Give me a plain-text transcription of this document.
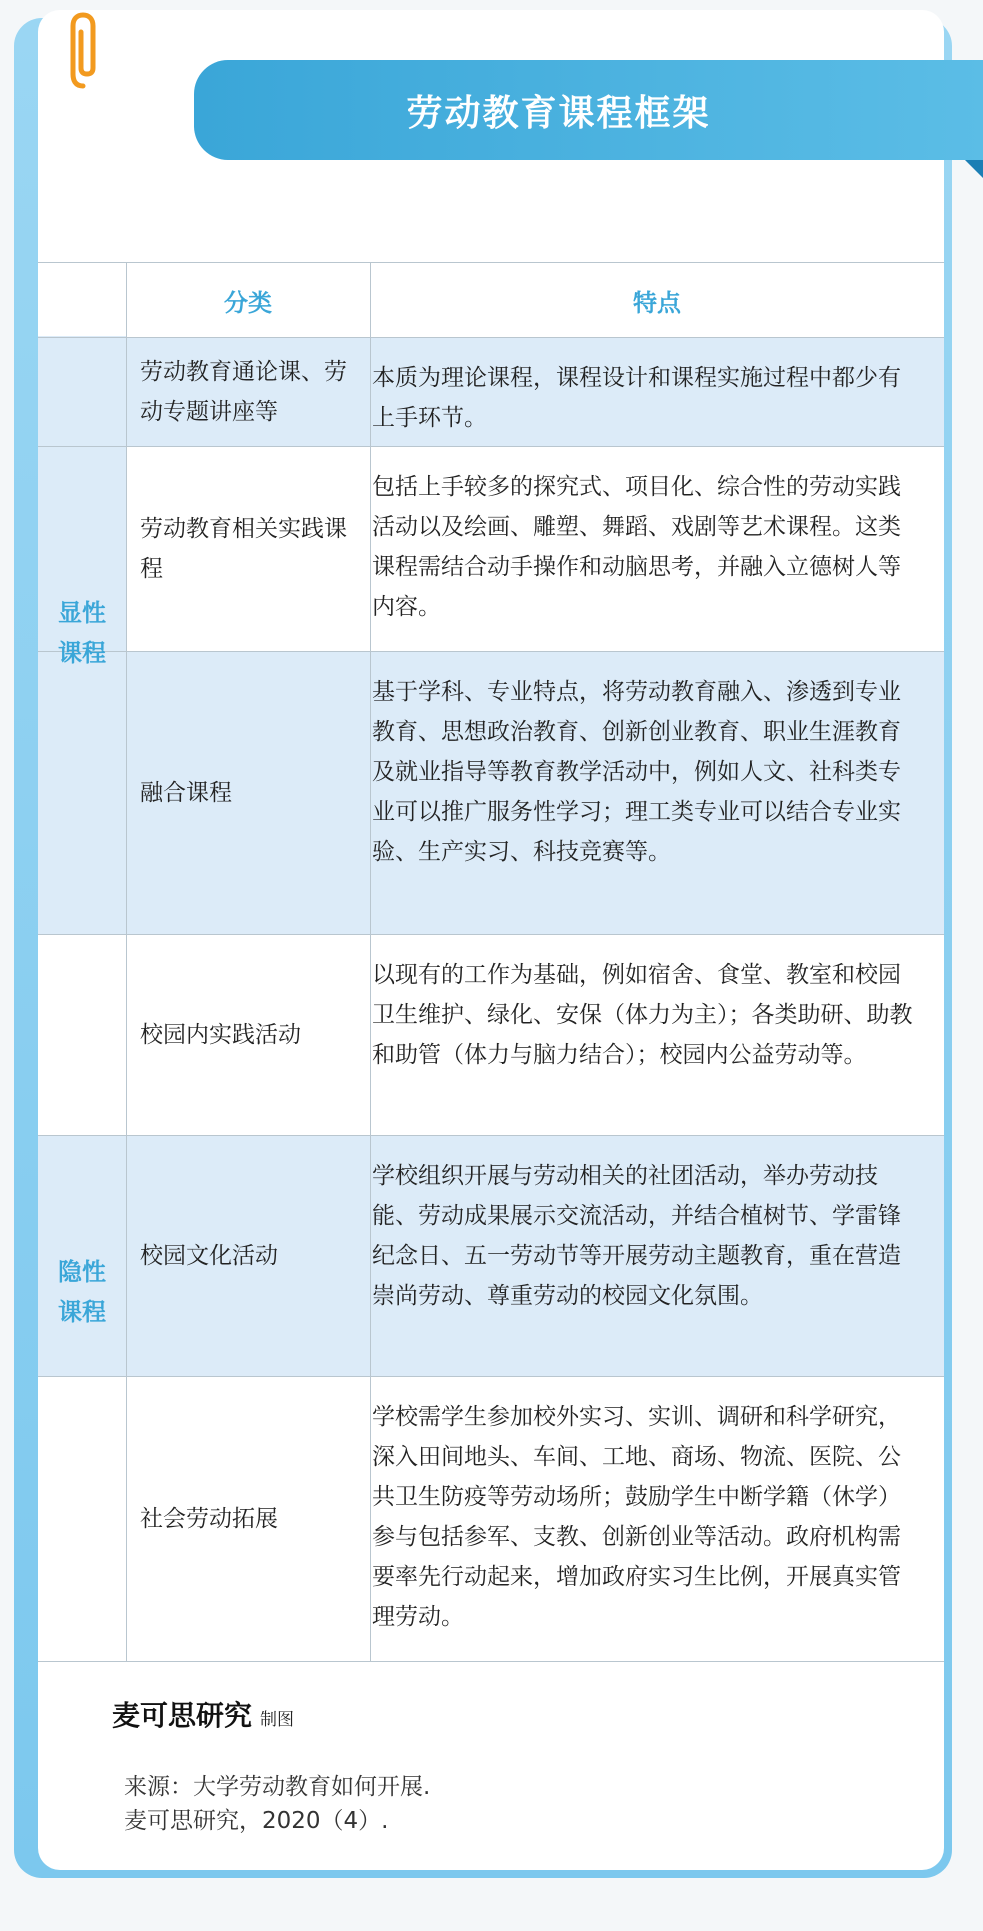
劳动教育课程框架
分类	特点
劳动教育通论课、劳动专题讲座等
本质为理论课程，课程设计和课程实施过程中都少有上手环节。
劳动教育相关实践课程
包括上手较多的探究式、项目化、综合性的劳动实践活动以及绘画、雕塑、舞蹈、戏剧等艺术课程。这类课程需结合动手操作和动脑思考，并融入立德树人等内容。
融合课程
基于学科、专业特点，将劳动教育融入、渗透到专业教育、思想政治教育、创新创业教育、职业生涯教育及就业指导等教育教学活动中，例如人文、社科类专业可以推广服务性学习；理工类专业可以结合专业实验、生产实习、科技竞赛等。
校园内实践活动
以现有的工作为基础，例如宿舍、食堂、教室和校园卫生维护、绿化、安保（体力为主）；各类助研、助教和助管（体力与脑力结合）；校园内公益劳动等。
校园文化活动
学校组织开展与劳动相关的社团活动，举办劳动技能、劳动成果展示交流活动，并结合植树节、学雷锋纪念日、五一劳动节等开展劳动主题教育，重在营造崇尚劳动、尊重劳动的校园文化氛围。
社会劳动拓展
学校需学生参加校外实习、实训、调研和科学研究，深入田间地头、车间、工地、商场、物流、医院、公共卫生防疫等劳动场所；鼓励学生中断学籍（休学）参与包括参军、支教、创新创业等活动。政府机构需要率先行动起来，增加政府实习生比例，开展真实管理劳动。
显性课程
隐性课程
麦可思研究 制图
来源：大学劳动教育如何开展.
麦可思研究，2020（4）.
